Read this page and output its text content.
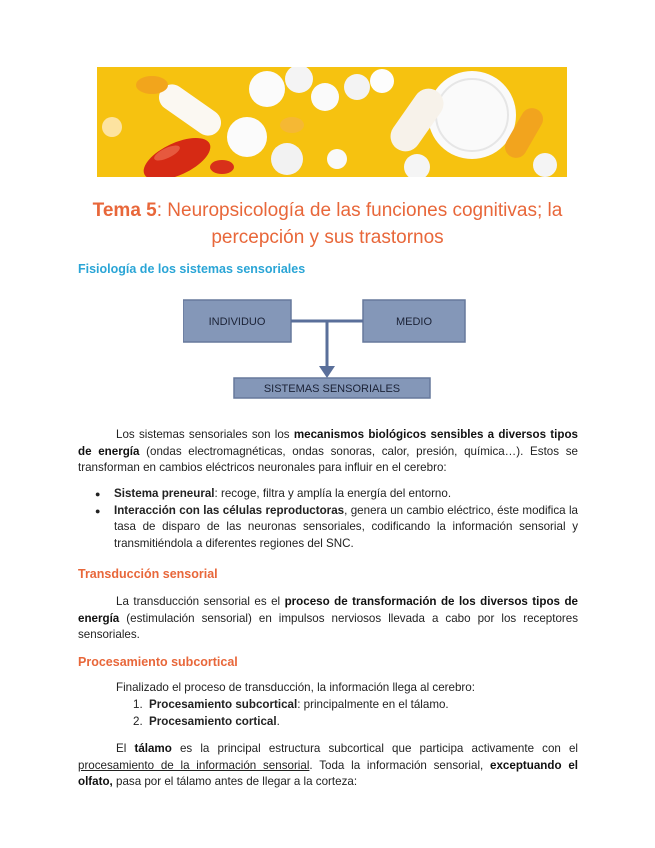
Tema 5: Neuropsicología de las funciones cognitivas; la percepción y sus trastornos
Fisiología de los sistemas sensoriales
INDIVIDUO	MEDIO
SISTEMAS SENSORIALES
Los sistemas sensoriales son los mecanismos biológicos sensibles a diversos tipos de energía (ondas electromagnéticas, ondas sonoras, calor, presión, química…). Estos se transforman en cambios eléctricos neuronales para influir en el cerebro:
● Sistema preneural: recoge, filtra y amplía la energía del entorno.
● Interacción con las células reproductoras, genera un cambio eléctrico, éste modifica la tasa de disparo de las neuronas sensoriales, codificando la información sensorial y transmitiéndola a diferentes regiones del SNC.
Transducción sensorial
La transducción sensorial es el proceso de transformación de los diversos tipos de energía (estimulación sensorial) en impulsos nerviosos llevada a cabo por los receptores sensoriales.
Procesamiento subcortical
Finalizado el proceso de transducción, la información llega al cerebro:
1. Procesamiento subcortical: principalmente en el tálamo.
2. Procesamiento cortical.
El tálamo es la principal estructura subcortical que participa activamente con el procesamiento de la información sensorial. Toda la información sensorial, exceptuando el olfato, pasa por el tálamo antes de llegar a la corteza:
